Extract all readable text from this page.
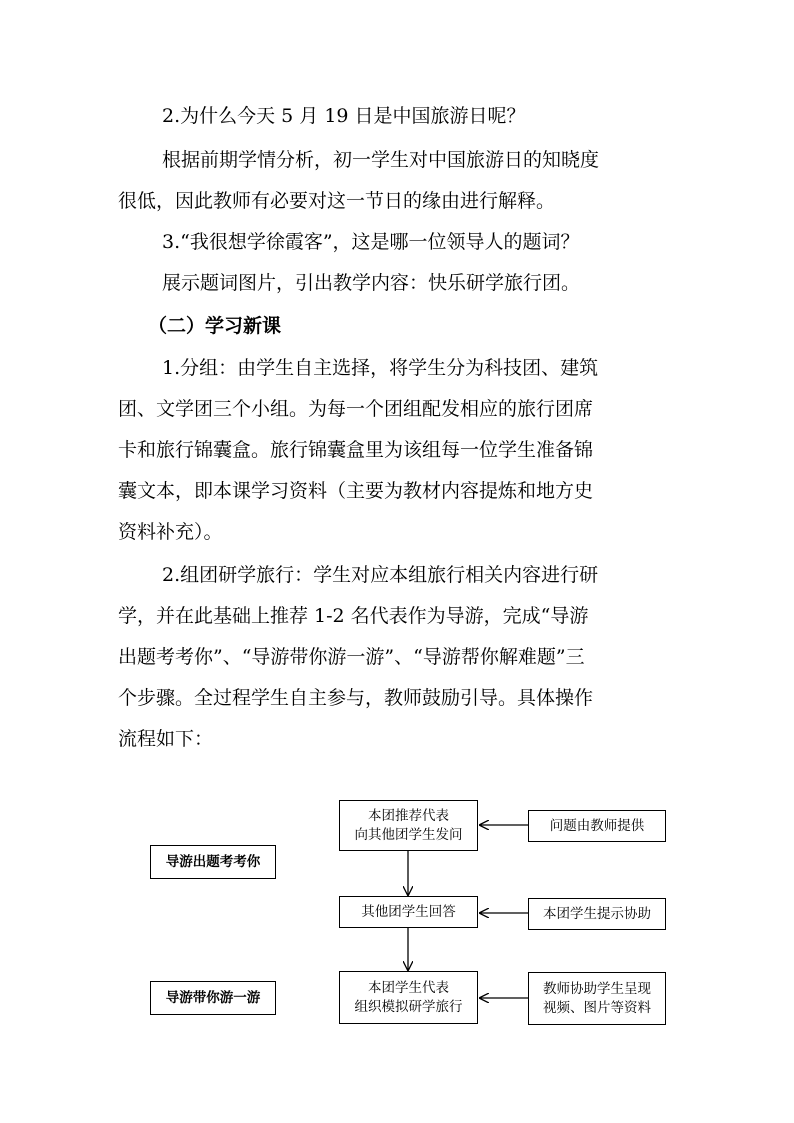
2.为什么今天 5 月 19 日是中国旅游日呢？
根据前期学情分析，初一学生对中国旅游日的知晓度
很低，因此教师有必要对这一节日的缘由进行解释。
3.“我很想学徐霞客”，这是哪一位领导人的题词？
展示题词图片，引出教学内容：快乐研学旅行团。
（二）学习新课
1.分组：由学生自主选择，将学生分为科技团、建筑
团、文学团三个小组。为每一个团组配发相应的旅行团席
卡和旅行锦囊盒。旅行锦囊盒里为该组每一位学生准备锦
囊文本，即本课学习资料（主要为教材内容提炼和地方史
资料补充）。
2.组团研学旅行：学生对应本组旅行相关内容进行研
学，并在此基础上推荐 1-2 名代表作为导游，完成“导游
出题考考你”、“导游带你游一游”、“导游帮你解难题”三
个步骤。全过程学生自主参与，教师鼓励引导。具体操作
流程如下：
导游出题考考你
导游带你游一游
本团推荐代表
向其他团学生发问
其他团学生回答
本团学生代表
组织模拟研学旅行
问题由教师提供
本团学生提示协助
教师协助学生呈现
视频、图片等资料
